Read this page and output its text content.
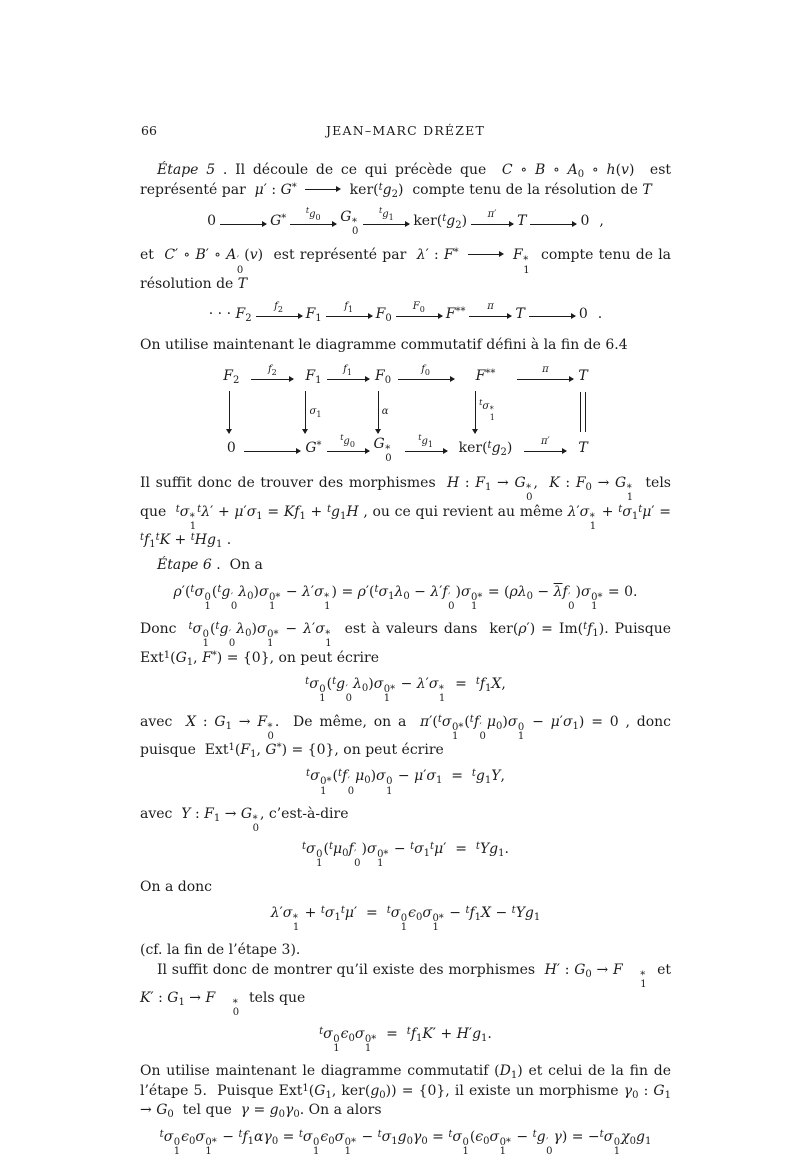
66	JEAN–MARC DRÉZET

Étape 5 . Il découle de ce qui précède que  C ∘ B ∘ $A_0$ ∘ h(v)  est représenté par  μ′ : G*	$ker(^tg_2)$  compte tenu de la résolution de T

0	G*
$^tg_0$ G *
0
$^tg_1$ $ker(^tg_2)$ π′ T	0 ,

et  C′ ∘ B′ ∘ A ′
0
(v)  est représenté par  λ′ : F*	F *
1
compte tenu de la résolution de T

· · · $F_2$
$f_2$ $F_1$
$f_1$ $F_0$
$F_0$ F** π T	0 .

On utilise maintenant le diagramme commutatif défini à la fin de 6.4

$F_2$
$f_2$ $F_1$
$f_1$ $F_0$
$f_0$	F**	π T
$\sigma_1$	α
$^t$σ *
1
0	G*
$^tg_0$ G *
0
$^tg_1$ $ker(^tg_2)$	π′ T

Il suffit donc de trouver des morphismes  H : $F_1 \to G$ *
0
,  K : $F_0 \to G$ *
1
tels que  $^t$σ *
1
$^t\lambda' + \mu'\sigma_1 = Kf_1 + ^tg_1H$ , ou ce qui revient au même λ′σ *
1
+ $^t\sigma_1^t\mu' = ^tf_1^tK + ^tHg_1$ .

Étape 6 .  On a

ρ′($^t$σ 0
1
($^t$g ′
0
$\lambda_0)\sigma$ 0*
1
− λ′σ *
1
) = $\rho'(^t\sigma_1\lambda_0 - \lambda'f$ ′
0
)σ 0*
1
= ($\rho\lambda_0 - \overline{\lambda}f$ ′
0
)σ 0*
1
= 0.

Donc  $^t$σ 0
1
($^t$g ′
0
$\lambda_0)\sigma$ 0*
1
− λ′σ *
1
est à valeurs dans  $ker(\rho') = Im(^tf_1)$. Puisque $Ext^1(G_1$, F*) = {0}, on peut écrire

$^t$σ 0
1
($^t$g ′
0
$\lambda_0)\sigma$ 0*
1
− λ′σ *
1
=  $^tf_1X$,

avec  X : $G_1 \to F$ *
0
.  De même, on a  π′($^t$σ 0*
1
($^t$f ′
0
$\mu_0)\sigma$ 0
1
− $\mu'\sigma_1) = 0$ , donc puisque  $Ext^1(F_1$, G*) = {0}, on peut écrire

$^t$σ 0*
1
($^t$f ′
0
$\mu_0)\sigma$ 0
1
− $\mu'\sigma_1 = ^tg_1Y$,

avec  Y : $F_1 \to G$ *
0
, c’est-à-dire

$^t$σ 0
1
($^t\mu_0f$ ′
0
)σ 0*
1
− $^t\sigma_1^t\mu' = ^tYg_1$.

On a donc

λ′σ *
1
+ $^t\sigma_1^t\mu' = ^t\sigma$ 0
1
$\epsilon_0\sigma$ 0*
1
− $^tf_1X - ^tYg_1$

(cf. la fin de l’étape 3).

Il suffit donc de montrer qu’il existe des morphismes  H′ : $G_0 \to F$	*
1
et K′ : $G_1 \to F$	*
0
tels que

$^t$σ 0
1
$\epsilon_0\sigma$ 0*
1
=  $^tf_1K' + H'g_1$.

On utilise maintenant le diagramme commutatif $(D_1)$ et celui de la fin de l’étape 5.  Puisque $Ext^1(G_1$, $ker(g_0)) = \{0\}$, il existe un morphisme $\gamma_0$ : $G_1 \to G_0$  tel que  $\gamma = g_0\gamma_0$. On a alors

$^t$σ 0
1
$\epsilon_0\sigma$ 0*
1
− $^tf_1\alpha\gamma_0 = ^t\sigma$ 0
1
$\epsilon_0\sigma$ 0*
1
− $^t\sigma_1g_0\gamma_0 = ^t\sigma$ 0
1
($\epsilon_0\sigma$ 0*
1
− $^t$g ′
0
γ) = −$^t$σ 0
1
$\chi_0g_1$
